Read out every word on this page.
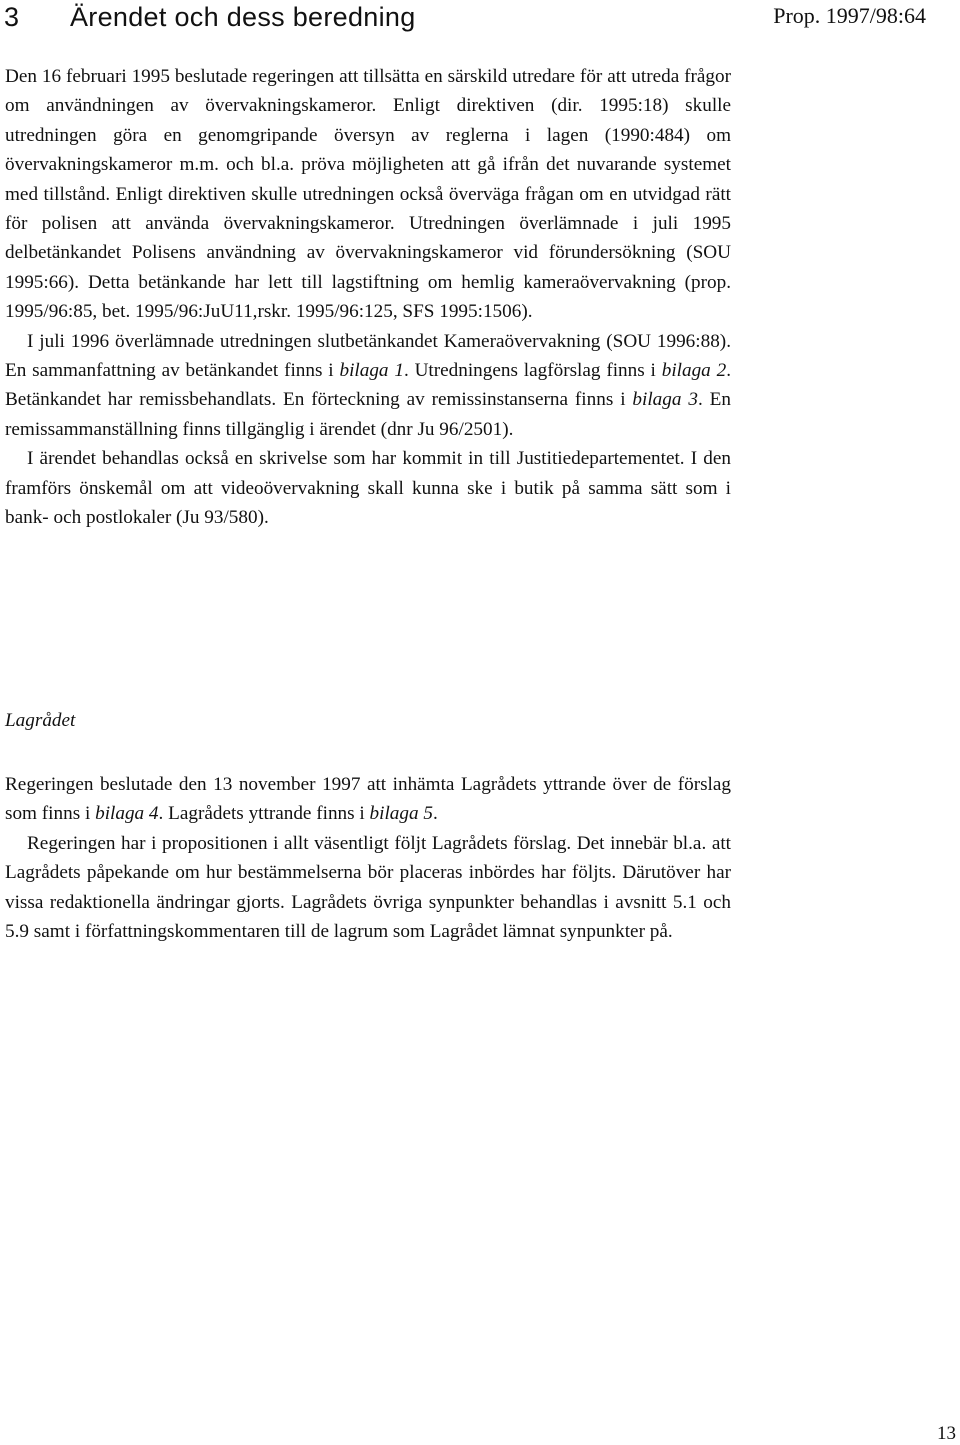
3 Ärendet och dess beredning	Prop. 1997/98:64

Den 16 februari 1995 beslutade regeringen att tillsätta en särskild utredare för att utreda frågor om användningen av övervakningskameror. Enligt direktiven (dir. 1995:18) skulle utredningen göra en genomgripande översyn av reglerna i lagen (1990:484) om övervakningskameror m.m. och bl.a. pröva möjligheten att gå ifrån det nuvarande systemet med tillstånd. Enligt direktiven skulle utredningen också överväga frågan om en utvidgad rätt för polisen att använda övervakningskameror. Utredningen överlämnade i juli 1995 delbetänkandet Polisens användning av övervakningskameror vid förundersökning (SOU 1995:66). Detta betänkande har lett till lagstiftning om hemlig kameraövervakning (prop. 1995/96:85, bet. 1995/96:JuU11,rskr. 1995/96:125, SFS 1995:1506).

I juli 1996 överlämnade utredningen slutbetänkandet Kameraövervakning (SOU 1996:88). En sammanfattning av betänkandet finns i bilaga 1. Utredningens lagförslag finns i bilaga 2. Betänkandet har remissbehandlats. En förteckning av remissinstanserna finns i bilaga 3. En remissammanställning finns tillgänglig i ärendet (dnr Ju 96/2501).

I ärendet behandlas också en skrivelse som har kommit in till Justitiedepartementet. I den framförs önskemål om att videoövervakning skall kunna ske i butik på samma sätt som i bank- och postlokaler (Ju 93/580).

Lagrådet

Regeringen beslutade den 13 november 1997 att inhämta Lagrådets yttrande över de förslag som finns i bilaga 4. Lagrådets yttrande finns i bilaga 5.

Regeringen har i propositionen i allt väsentligt följt Lagrådets förslag. Det innebär bl.a. att Lagrådets påpekande om hur bestämmelserna bör placeras inbördes har följts. Därutöver har vissa redaktionella ändringar gjorts. Lagrådets övriga synpunkter behandlas i avsnitt 5.1 och 5.9 samt i författningskommentaren till de lagrum som Lagrådet lämnat synpunkter på.

13
